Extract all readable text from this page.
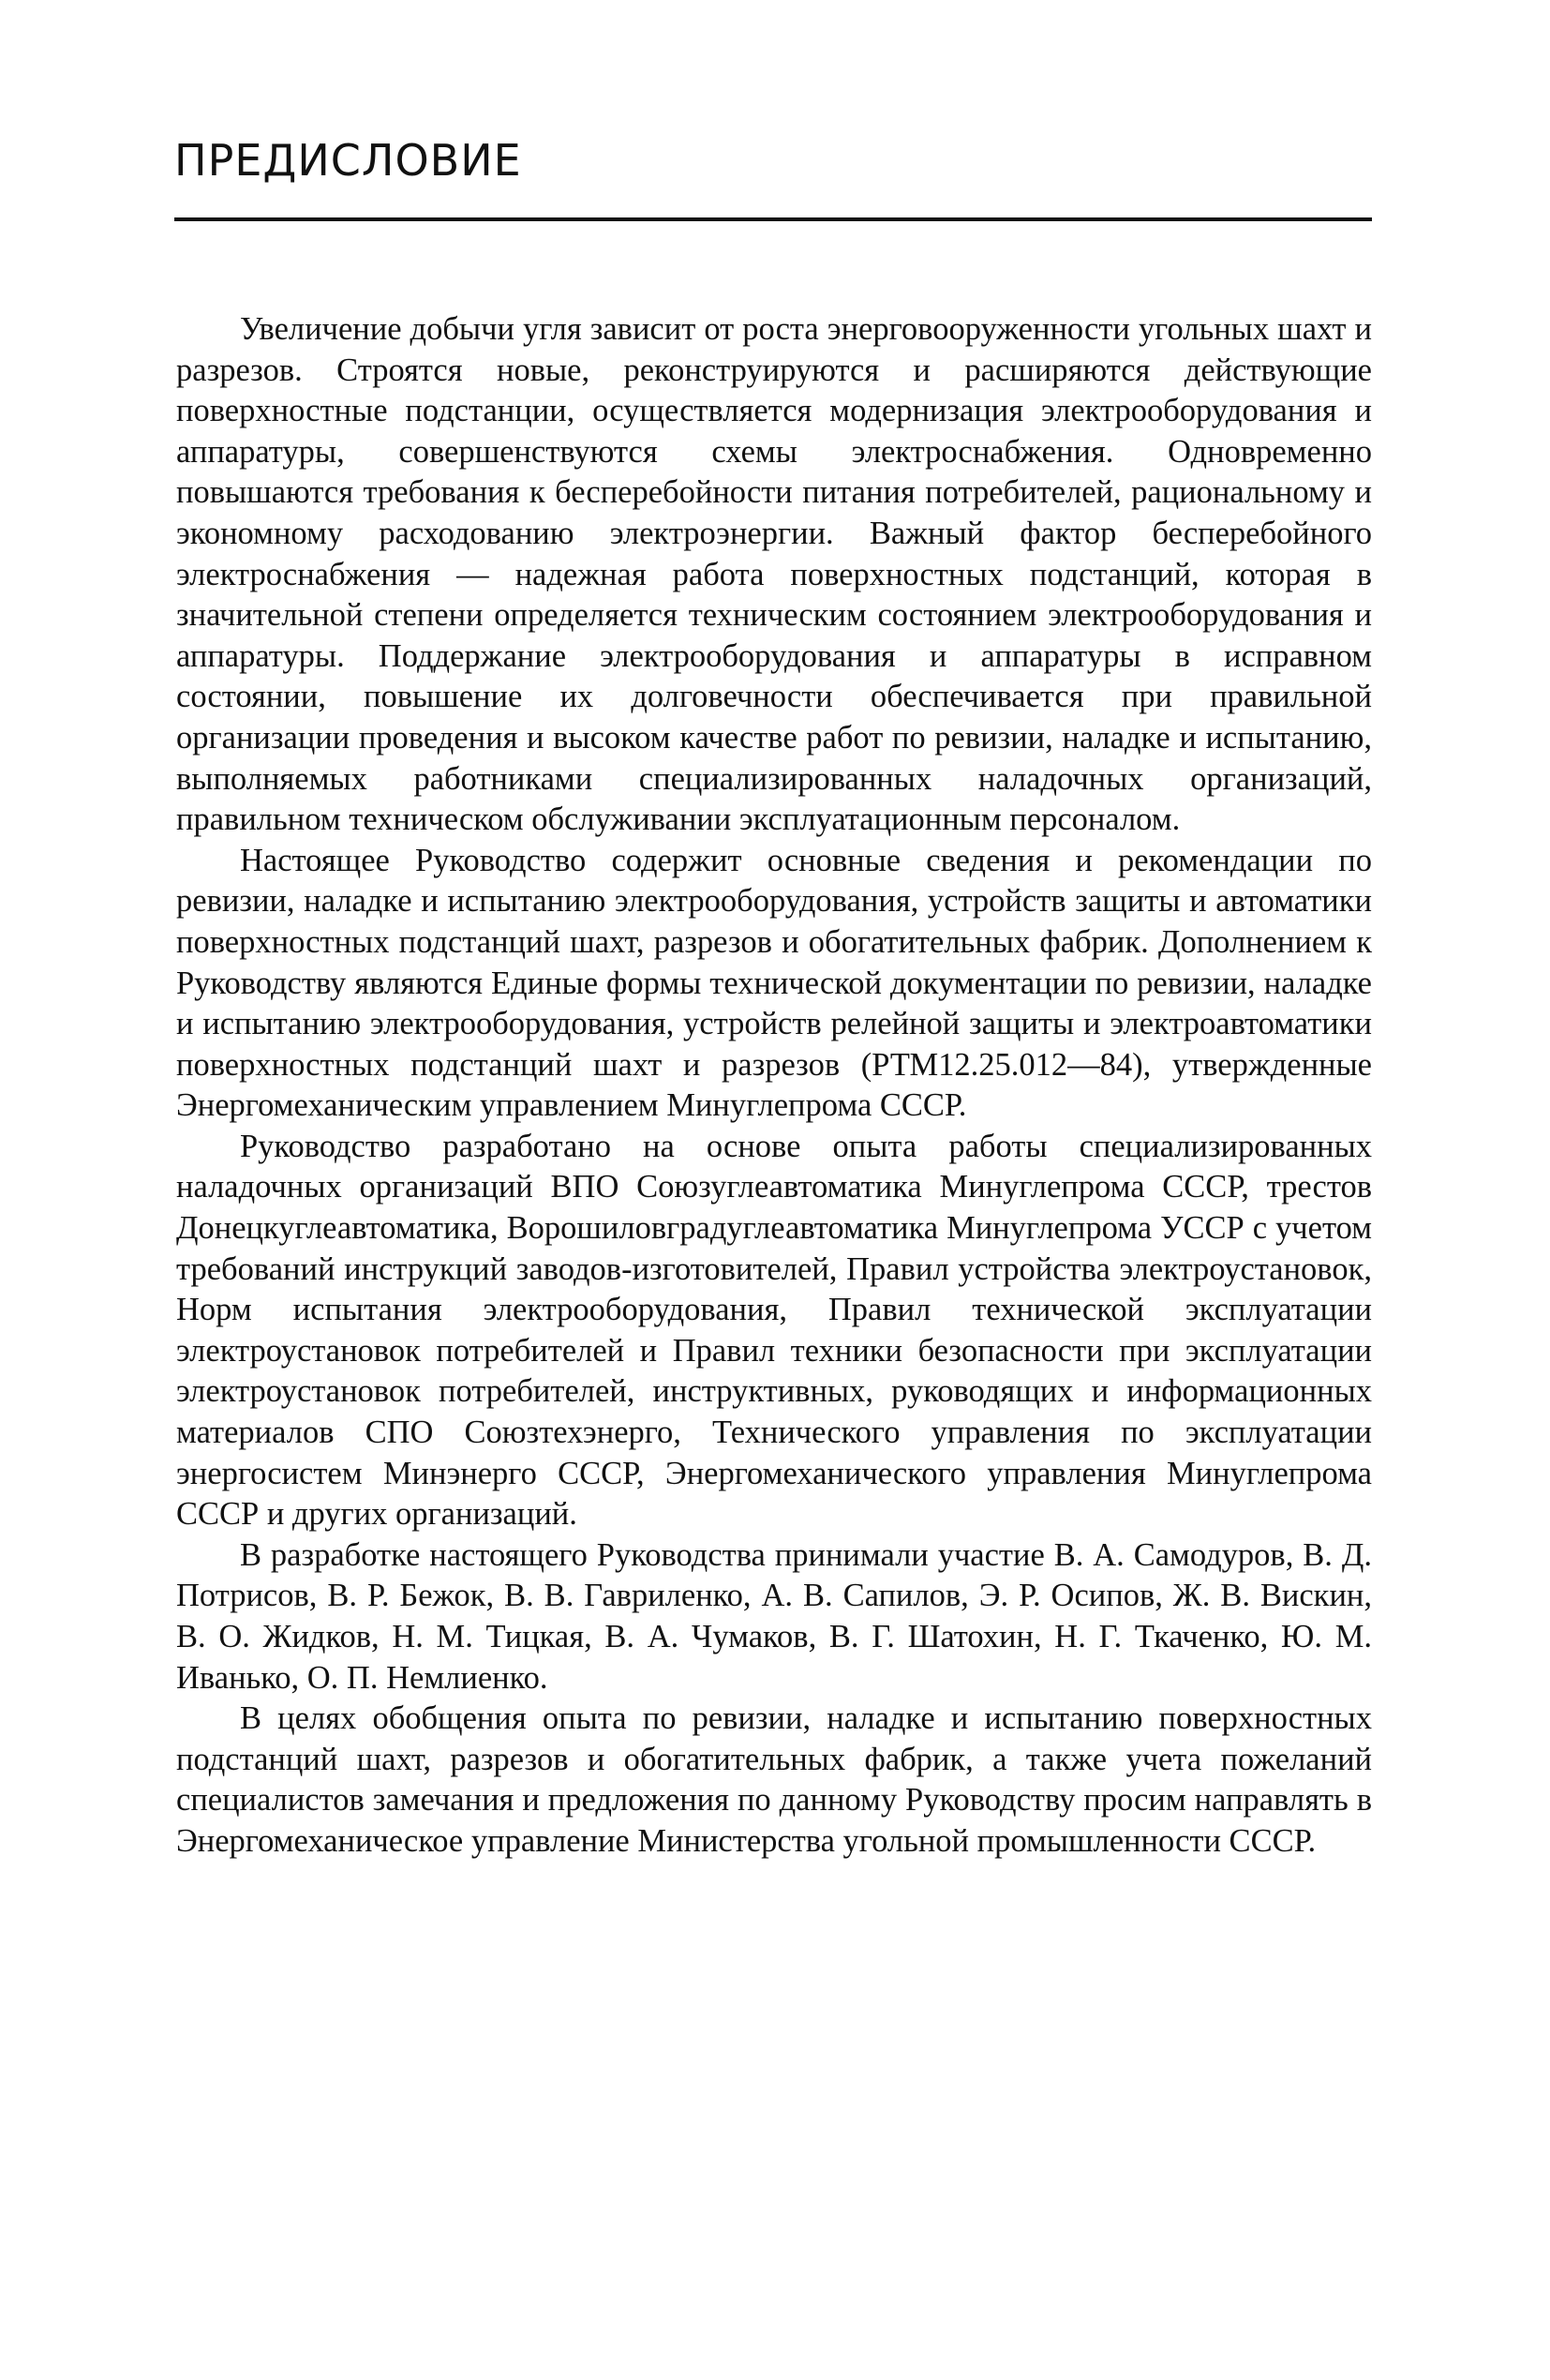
ПРЕДИСЛОВИЕ

Увеличение добычи угля зависит от роста энерговооруженности угольных шахт и разрезов. Строятся новые, реконструируются и расширяются действующие поверхностные подстанции, осуществляется модернизация электрооборудования и аппаратуры, совершенствуются схемы электроснабжения. Одновременно повышаются требования к бесперебойности питания потребителей, рациональному и экономному расходованию электроэнергии. Важный фактор бесперебойного электроснабжения — надежная работа поверхностных подстанций, которая в значительной степени определяется техническим состоянием электрооборудования и аппаратуры. Поддержание электрооборудования и аппаратуры в исправном состоянии, повышение их долговечности обеспечивается при правильной организации проведения и высоком качестве работ по ревизии, наладке и испытанию, выполняемых работниками специализированных наладочных организаций, правильном техническом обслуживании эксплуатационным персоналом.

Настоящее Руководство содержит основные сведения и рекомендации по ревизии, наладке и испытанию электрооборудования, устройств защиты и автоматики поверхностных подстанций шахт, разрезов и обогатительных фабрик. Дополнением к Руководству являются Единые формы технической документации по ревизии, наладке и испытанию электрооборудования, устройств релейной защиты и электроавтоматики поверхностных подстанций шахт и разрезов (РТМ12.25.012—84), утвержденные Энергомеханическим управлением Минуглепрома СССР.

Руководство разработано на основе опыта работы специализированных наладочных организаций ВПО Союзуглеавтоматика Минуглепрома СССР, трестов Донецкуглеавтоматика, Ворошиловградуглеавтоматика Минуглепрома УССР с учетом требований инструкций заводов-изготовителей, Правил устройства электроустановок, Норм испытания электрооборудования, Правил технической эксплуатации электроустановок потребителей и Правил техники безопасности при эксплуатации электроустановок потребителей, инструктивных, руководящих и информационных материалов СПО Союзтехэнерго, Технического управления по эксплуатации энергосистем Минэнерго СССР, Энергомеханического управления Минуглепрома СССР и других организаций.

В разработке настоящего Руководства принимали участие В. А. Самодуров, В. Д. Потрисов, В. Р. Бежок, В. В. Гавриленко, А. В. Сапилов, Э. Р. Осипов, Ж. В. Вискин, В. О. Жидков, Н. М. Тицкая, В. А. Чумаков, В. Г. Шатохин, Н. Г. Ткаченко, Ю. М. Иванько, О. П. Немлиенко.

В целях обобщения опыта по ревизии, наладке и испытанию поверхностных подстанций шахт, разрезов и обогатительных фабрик, а также учета пожеланий специалистов замечания и предложения по данному Руководству просим направлять в Энергомеханическое управление Министерства угольной промышленности СССР.
